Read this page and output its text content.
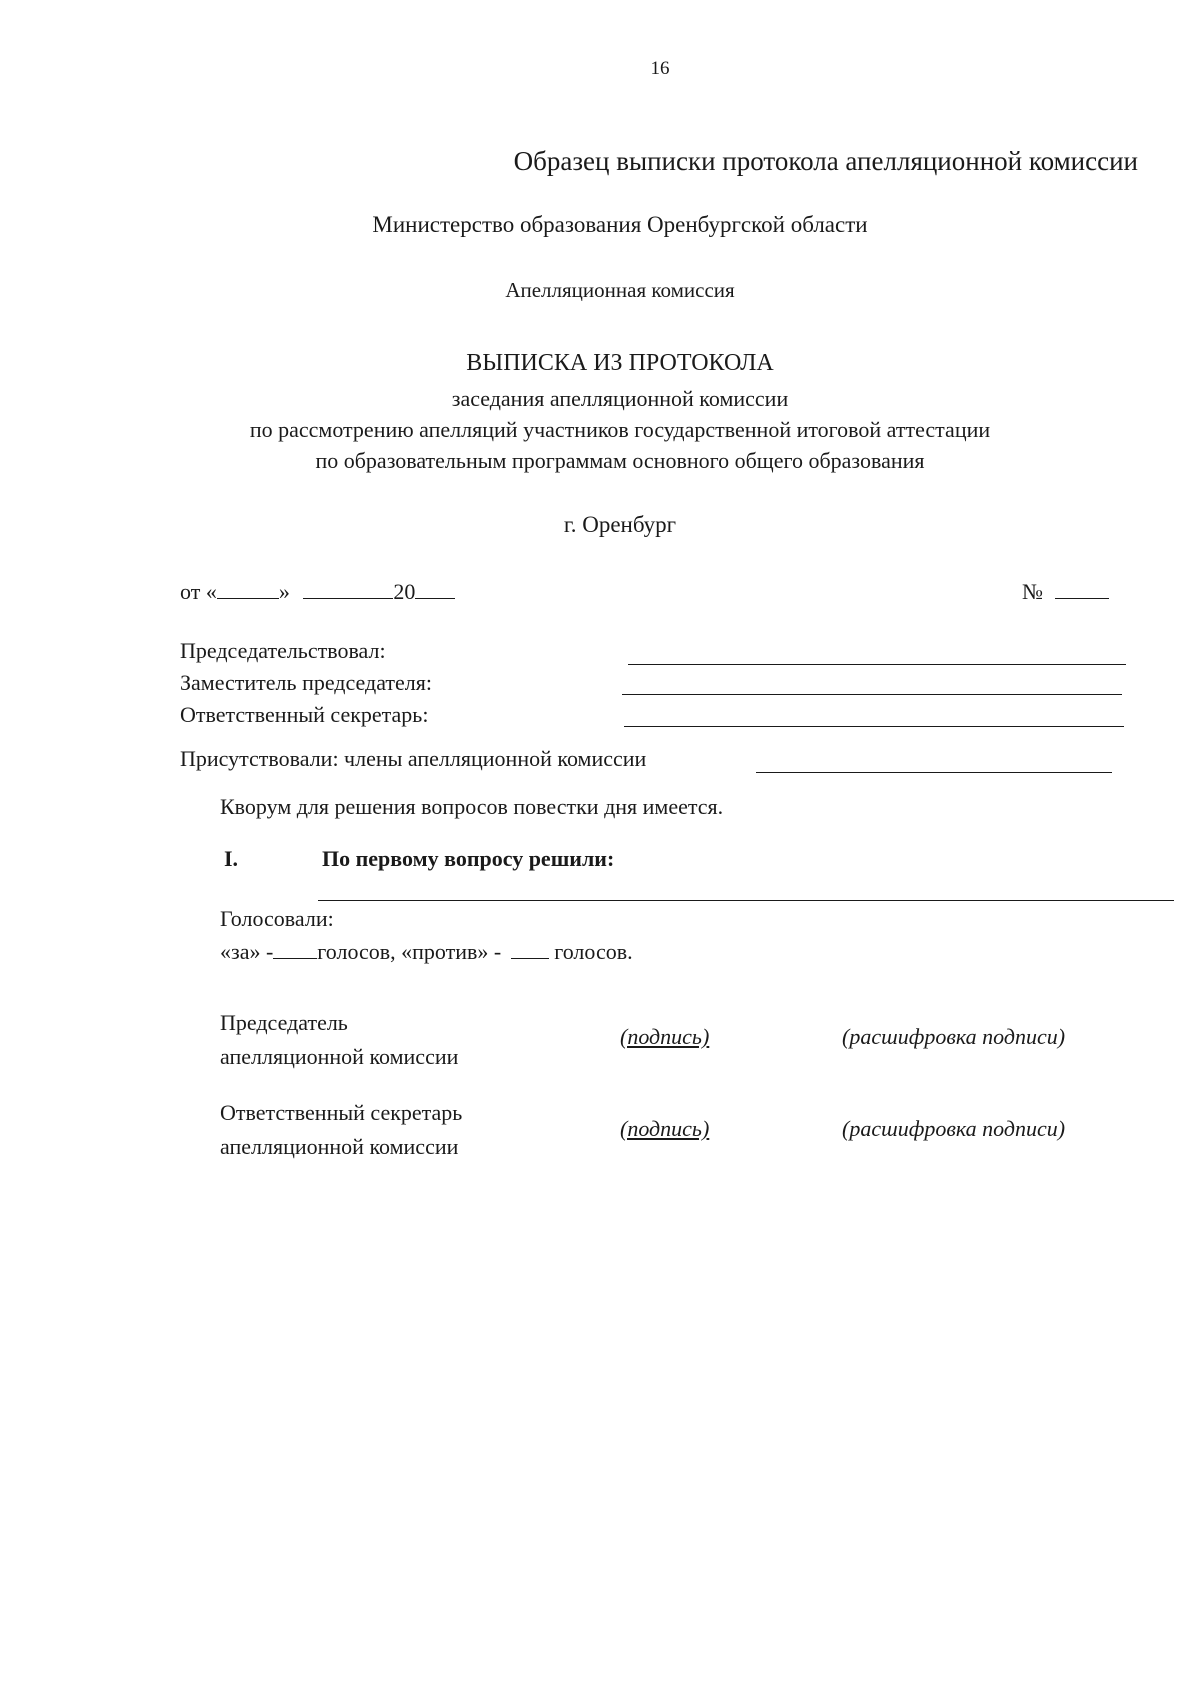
16
Образец выписки протокола апелляционной комиссии
Министерство образования Оренбургской области
Апелляционная комиссия
ВЫПИСКА ИЗ ПРОТОКОЛА
заседания апелляционной комиссии
по рассмотрению апелляций участников государственной итоговой аттестации
по образовательным программам основного общего образования
г. Оренбург
от «	»	20	№
Председательствовал:
Заместитель председателя:
Ответственный секретарь:
Присутствовали: члены апелляционной комиссии
Кворум для решения вопросов повестки дня имеется.
I.	По первому вопросу решили:
Голосовали:
«за» - голосов, «против» - голосов.
Председатель
апелляционной комиссии
(подпись)	(расшифровка подписи)
Ответственный секретарь
апелляционной комиссии
(подпись)	(расшифровка подписи)
